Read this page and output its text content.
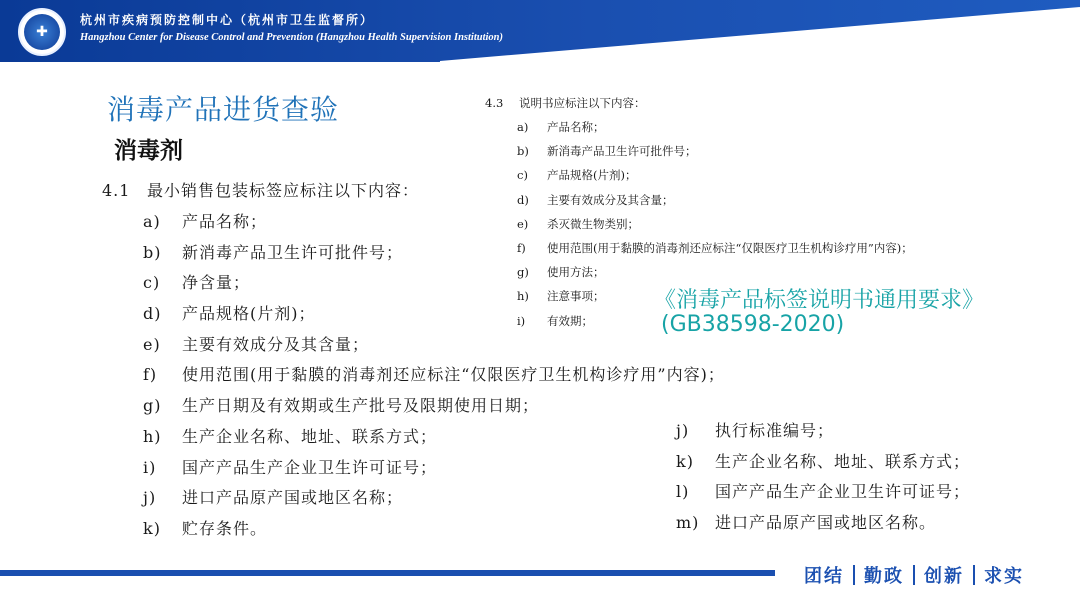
✚
杭州市疾病预防控制中心（杭州市卫生监督所）
Hangzhou Center for Disease Control and Prevention (Hangzhou Health Supervision Institution)
消毒产品进货查验
消毒剂
4.1 最小销售包装标签应标注以下内容：
a) 产品名称；
b) 新消毒产品卫生许可批件号；
c) 净含量；
d) 产品规格(片剂)；
e) 主要有效成分及其含量；
f) 使用范围(用于黏膜的消毒剂还应标注“仅限医疗卫生机构诊疗用”内容)；
g) 生产日期及有效期或生产批号及限期使用日期；
h) 生产企业名称、地址、联系方式；
i) 国产产品生产企业卫生许可证号；
j) 进口产品原产国或地区名称；
k) 贮存条件。
4.3 说明书应标注以下内容：
a) 产品名称；
b) 新消毒产品卫生许可批件号；
c) 产品规格(片剂)；
d) 主要有效成分及其含量；
e) 杀灭微生物类别；
f) 使用范围(用于黏膜的消毒剂还应标注“仅限医疗卫生机构诊疗用”内容)；
g) 使用方法；
h) 注意事项；
i) 有效期；
j) 执行标准编号；
k) 生产企业名称、地址、联系方式；
l) 国产产品生产企业卫生许可证号；
m) 进口产品原产国或地区名称。
《消毒产品标签说明书通用要求》
(GB38598-2020)
团结 勤政 创新 求实
